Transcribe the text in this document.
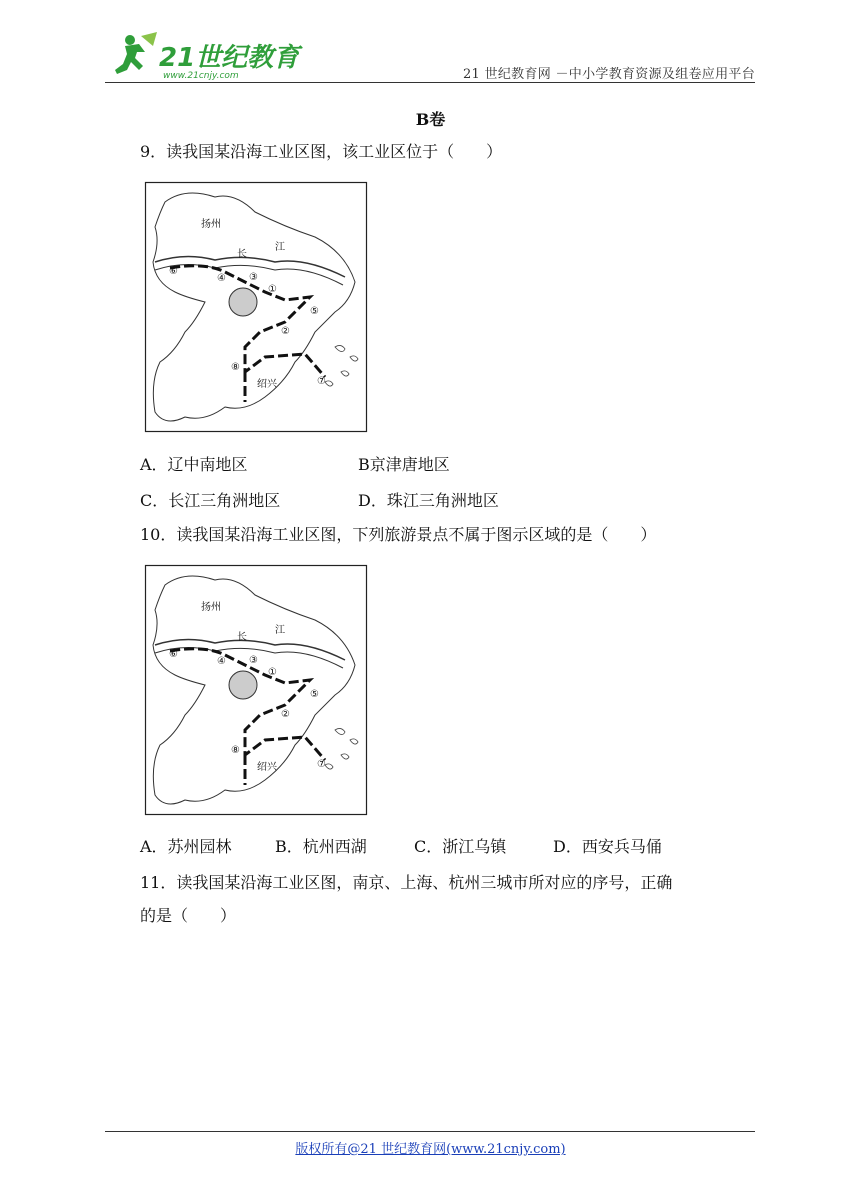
21世纪教育
www.21cnjy.com	21 世纪教育网 －中小学教育资源及组卷应用平台
B卷
9．读我国某沿海工业区图，该工业区位于（　　）
扬州
长
江
绍兴
①
②
③
④
⑤
⑥
⑦
⑧
A．辽中南地区	B京津唐地区
C．长江三角洲地区	D．珠江三角洲地区
10．读我国某沿海工业区图，下列旅游景点不属于图示区域的是（　　）
扬州
长
江
绍兴
①
②
③
④
⑤
⑥
⑦
⑧
A．苏州园林	B．杭州西湖	C．浙江乌镇	D．西安兵马俑
11．读我国某沿海工业区图，南京、上海、杭州三城市所对应的序号，正确
的是（　　）
版权所有@21 世纪教育网(www.21cnjy.com)
